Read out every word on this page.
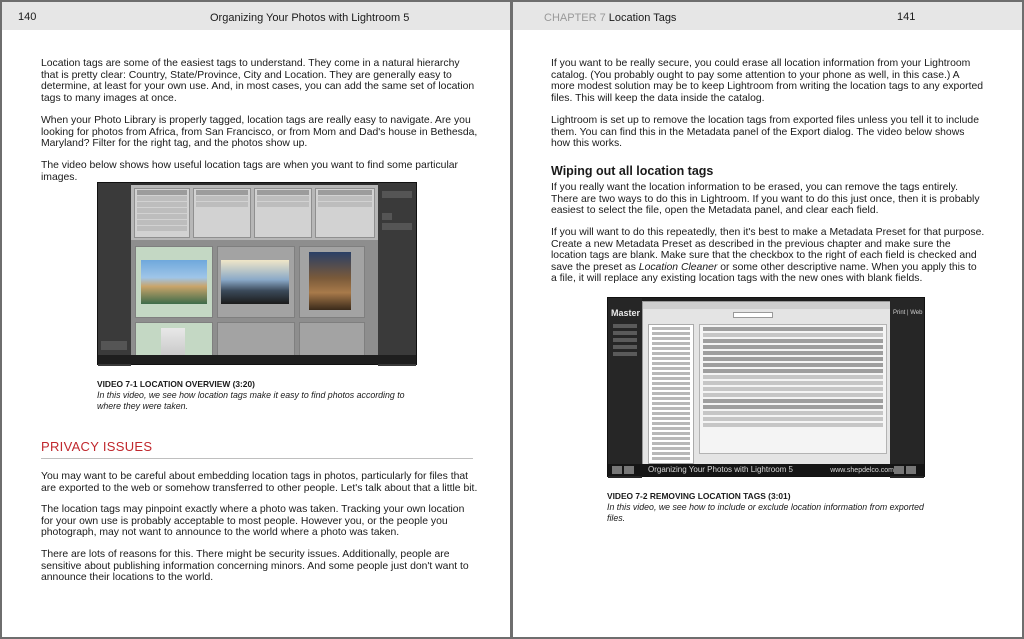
140	Organizing Your Photos with Lightroom 5

Location tags are some of the easiest tags to understand. They come in a natural hierarchy that is pretty clear: Country, State/Province, City and Location. They are generally easy to determine, at least for your own use. And, in most cases, you can add the same set of location tags to many images at once.

When your Photo Library is properly tagged, location tags are really easy to navigate. Are you looking for photos from Africa, from San Francisco, or from Mom and Dad's house in Bethesda, Maryland? Filter for the right tag, and the photos show up.

The video below shows how useful location tags are when you want to find some particular images.

VIDEO 7-1 LOCATION OVERVIEW (3:20)
In this video, we see how location tags make it easy to find photos according to where they were taken.
PRIVACY ISSUES

You may want to be careful about embedding location tags in photos, particularly for files that are exported to the web or somehow transferred to other people. Let's talk about that a little bit.

The location tags may pinpoint exactly where a photo was taken. Tracking your own location for your own use is probably acceptable to most people. However you, or the people you photograph, may not want to announce to the world where a photo was taken.

There are lots of reasons for this. There might be security issues. Additionally, people are sensitive about publishing information concerning minors. And some people just don't want to announce their locations to the world.

CHAPTER 7 Location Tags	141

If you want to be really secure, you could erase all location information from your Lightroom catalog. (You probably ought to pay some attention to your phone as well, in this case.) A more modest solution may be to keep Lightroom from writing the location tags to any exported files. This will keep the data inside the catalog.

Lightroom is set up to remove the location tags from exported files unless you tell it to include them. You can find this in the Metadata panel of the Export dialog. The video below shows how this works.

Wiping out all location tags

If you really want the location information to be erased, you can remove the tags entirely. There are two ways to do this in Lightroom. If you want to do this just once, then it is probably easiest to select the file, open the Metadata panel, and clear each field.

If you will want to do this repeatedly, then it's best to make a Metadata Preset for that purpose. Create a new Metadata Preset as described in the previous chapter and make sure the location tags are blank. Make sure that the checkbox to the right of each field is checked and save the preset as Location Cleaner or some other descriptive name. When you apply this to a file, it will replace any existing location tags with the new ones with blank fields.

Master	Print | Web
Organizing Your Photos with Lightroom 5	www.shepdelco.com
VIDEO 7-2 REMOVING LOCATION TAGS (3:01)
In this video, we see how to include or exclude location information from exported files.
